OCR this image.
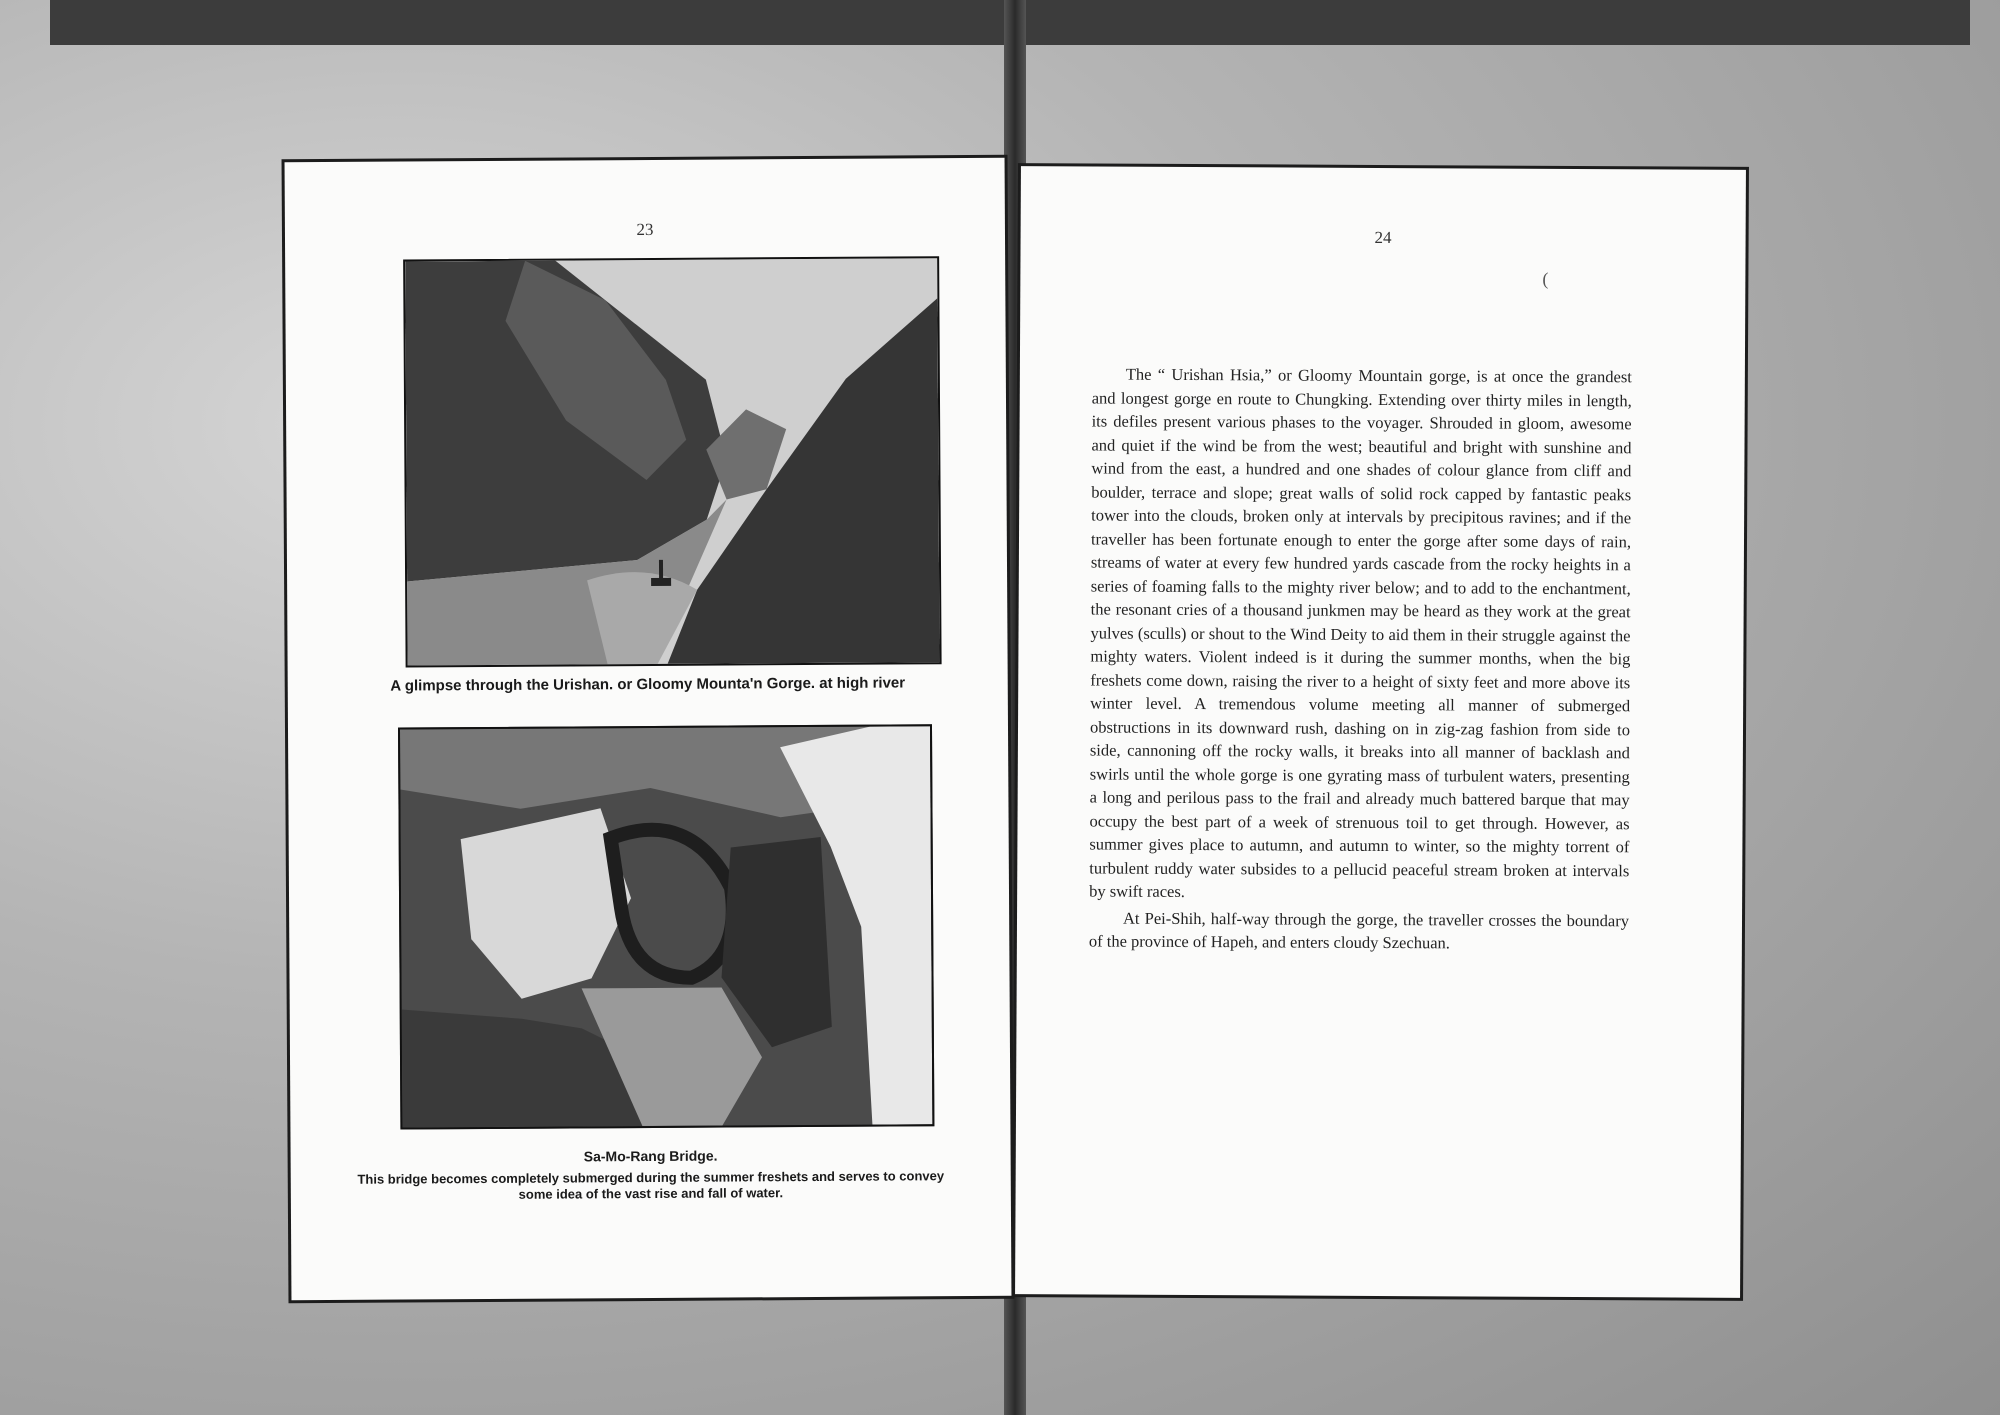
23
A glimpse through the Urishan. or Gloomy Mounta'n Gorge. at high river
Sa-Mo-Rang Bridge.
This bridge becomes completely submerged during the summer freshets and serves to convey some idea of the vast rise and fall of water.
24
(

The “ Urishan Hsia,” or Gloomy Mountain gorge, is at once the grandest and longest gorge en route to Chungking. Extending over thirty miles in length, its defiles present various phases to the voyager. Shrouded in gloom, awesome and quiet if the wind be from the west; beautiful and bright with sunshine and wind from the east, a hundred and one shades of colour glance from cliff and boulder, terrace and slope; great walls of solid rock capped by fantastic peaks tower into the clouds, broken only at intervals by precipitous ravines; and if the traveller has been fortunate enough to enter the gorge after some days of rain, streams of water at every few hundred yards cascade from the rocky heights in a series of foaming falls to the mighty river below; and to add to the enchantment, the resonant cries of a thousand junkmen may be heard as they work at the great yulves (sculls) or shout to the Wind Deity to aid them in their struggle against the mighty waters. Violent indeed is it during the summer months, when the big freshets come down, raising the river to a height of sixty feet and more above its winter level. A tremendous volume meeting all manner of submerged obstructions in its downward rush, dashing on in zig-zag fashion from side to side, cannoning off the rocky walls, it breaks into all manner of backlash and swirls until the whole gorge is one gyrating mass of turbulent waters, presenting a long and perilous pass to the frail and already much battered barque that may occupy the best part of a week of strenuous toil to get through. However, as summer gives place to autumn, and autumn to winter, so the mighty torrent of turbulent ruddy water subsides to a pellucid peaceful stream broken at intervals by swift races.

At Pei-Shih, half-way through the gorge, the traveller crosses the boundary of the province of Hapeh, and enters cloudy Szechuan.
